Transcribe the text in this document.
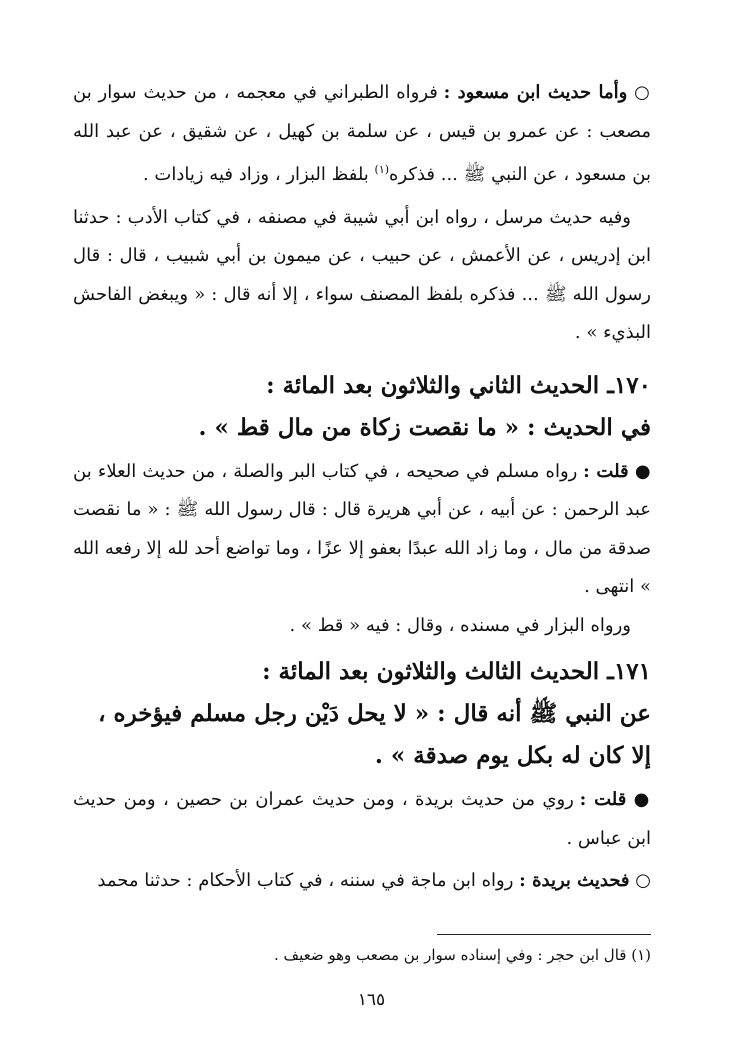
○ وأما حديث ابن مسعود : فرواه الطبراني في معجمه ، من حديث سوار بن مصعب : عن عمرو بن قيس ، عن سلمة بن كهيل ، عن شقيق ، عن عبد الله بن مسعود ، عن النبي ﷺ ... فذكره$^{(١)}$ بلفظ البزار ، وزاد فيه زيادات .

وفيه حديث مرسل ، رواه ابن أبي شيبة في مصنفه ، في كتاب الأدب : حدثنا ابن إدريس ، عن الأعمش ، عن حبيب ، عن ميمون بن أبي شبيب ، قال : قال رسول الله ﷺ ... فذكره بلفظ المصنف سواء ، إلا أنه قال : « ويبغض الفاحش البذيء » .

١٧٠ـ الحديث الثاني والثلاثون بعد المائة :

في الحديث : « ما نقصت زكاة من مال قط » .

● قلت : رواه مسلم في صحيحه ، في كتاب البر والصلة ، من حديث العلاء بن عبد الرحمن : عن أبيه ، عن أبي هريرة قال : قال رسول الله ﷺ : « ما نقصت صدقة من مال ، وما زاد الله عبدًا بعفو إلا عزًا ، وما تواضع أحد لله إلا رفعه الله » انتهى .

ورواه البزار في مسنده ، وقال : فيه « قط » .

١٧١ـ الحديث الثالث والثلاثون بعد المائة :

عن النبي ﷺ أنه قال : « لا يحل دَيْن رجل مسلم فيؤخره ،

إلا كان له بكل يوم صدقة » .

● قلت : روي من حديث بريدة ، ومن حديث عمران بن حصين ، ومن حديث ابن عباس .

○ فحديث بريدة : رواه ابن ماجة في سننه ، في كتاب الأحكام : حدثنا محمد

(١) قال ابن حجر : وفي إسناده سوار بن مصعب وهو ضعيف .
١٦٥
